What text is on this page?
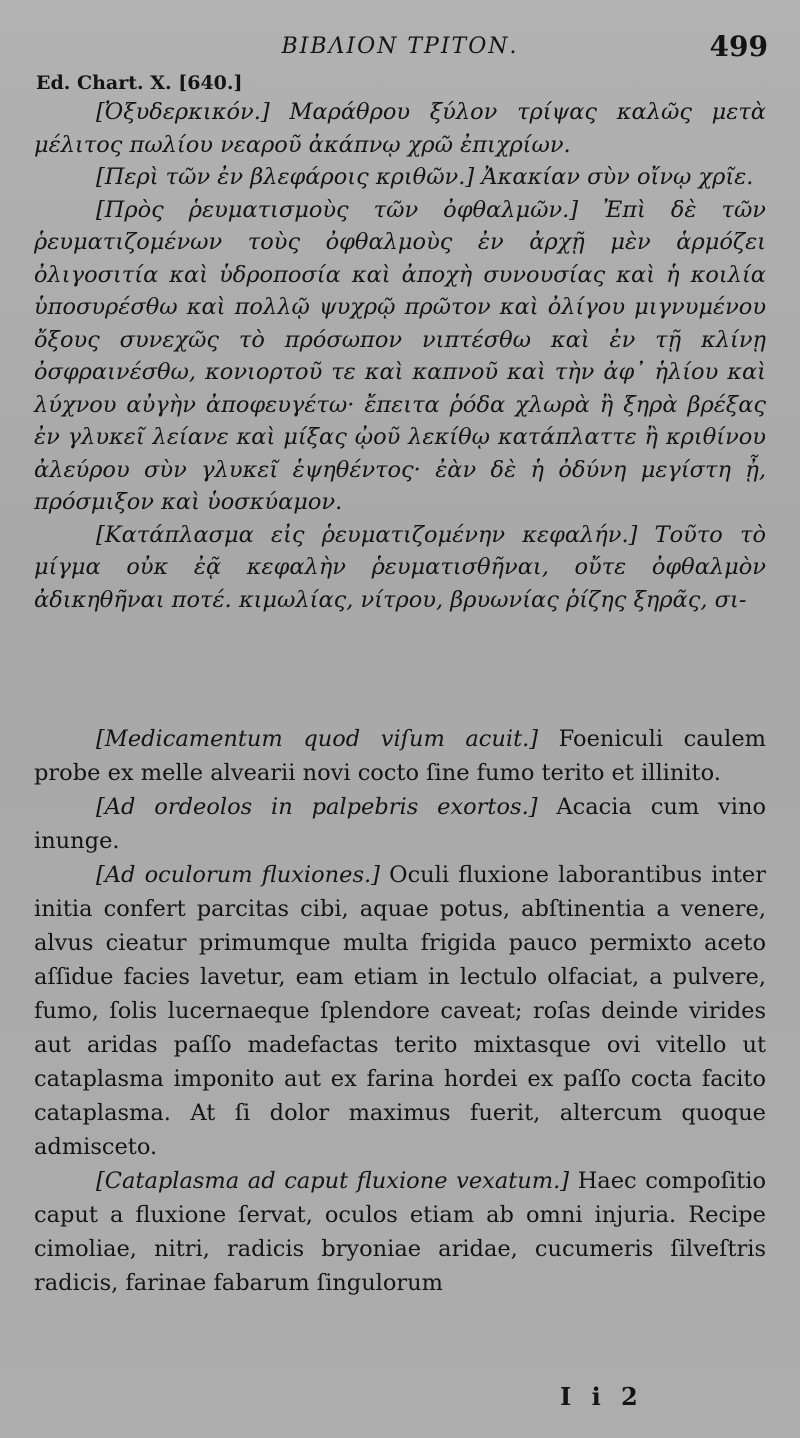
ΒΙΒΛΙΟΝ ΤΡΙΤΟΝ.	499
Ed. Chart. X. [640.]

[Ὀξυδερκικόν.] Μαράθρου ξύλον τρίψας καλῶς μετὰ μέλιτος πωλίου νεαροῦ ἀκάπνῳ χρῶ ἐπιχρίων.

[Περὶ τῶν ἐν βλεφάροις κριθῶν.] Ἀκακίαν σὺν οἴνῳ χρῖε.

[Πρὸς ῥευματισμοὺς τῶν ὀφθαλμῶν.] Ἐπὶ δὲ τῶν ῥευματιζομένων τοὺς ὀφθαλμοὺς ἐν ἀρχῇ μὲν ἁρμόζει ὀλιγοσιτία καὶ ὑδροποσία καὶ ἀποχὴ συνουσίας καὶ ἡ κοιλία ὑποσυρέσθω καὶ πολλῷ ψυχρῷ πρῶτον καὶ ὀλίγου μιγνυμένου ὄξους συνεχῶς τὸ πρόσωπον νιπτέσθω καὶ ἐν τῇ κλίνῃ ὀσφραινέσθω, κονιορτοῦ τε καὶ καπνοῦ καὶ τὴν ἀφ᾽ ἡλίου καὶ λύχνου αὐγὴν ἀποφευγέτω· ἔπειτα ῥόδα χλωρὰ ἢ ξηρὰ βρέξας ἐν γλυκεῖ λείανε καὶ μίξας ᾠοῦ λεκίθῳ κατάπλαττε ἢ κριθίνου ἀλεύρου σὺν γλυκεῖ ἑψηθέντος· ἐὰν δὲ ἡ ὀδύνη μεγίστη ᾖ, πρόσμιξον καὶ ὑοσκύαμον.

[Κατάπλασμα εἰς ῥευματιζομένην κεφαλήν.] Τοῦτο τὸ μίγμα οὐκ ἐᾷ κεφαλὴν ῥευματισθῆναι, οὔτε ὀφθαλμὸν ἀδικηθῆναι ποτέ. κιμωλίας, νίτρου, βρυωνίας ῥίζης ξηρᾶς, σι-

[Medicamentum quod viſum acuit.] Foeniculi caulem probe ex melle alvearii novi cocto ſine fumo terito et illinito.

[Ad ordeolos in palpebris exortos.] Acacia cum vino inunge.

[Ad oculorum fluxiones.] Oculi fluxione laborantibus inter initia confert parcitas cibi, aquae potus, abſtinentia a venere, alvus cieatur primumque multa frigida pauco permixto aceto aſſidue facies lavetur, eam etiam in lectulo olfaciat, a pulvere, fumo, ſolis lucernaeque ſplendore caveat; roſas deinde virides aut aridas paſſo madefactas terito mixtasque ovi vitello ut cataplasma imponito aut ex farina hordei ex paſſo cocta facito cataplasma. At ſi dolor maximus fuerit, altercum quoque admisceto.

[Cataplasma ad caput fluxione vexatum.] Haec compoſitio caput a fluxione ſervat, oculos etiam ab omni injuria. Recipe cimoliae, nitri, radicis bryoniae aridae, cucumeris ſilveſtris radicis, farinae fabarum ſingulorum

I i 2
